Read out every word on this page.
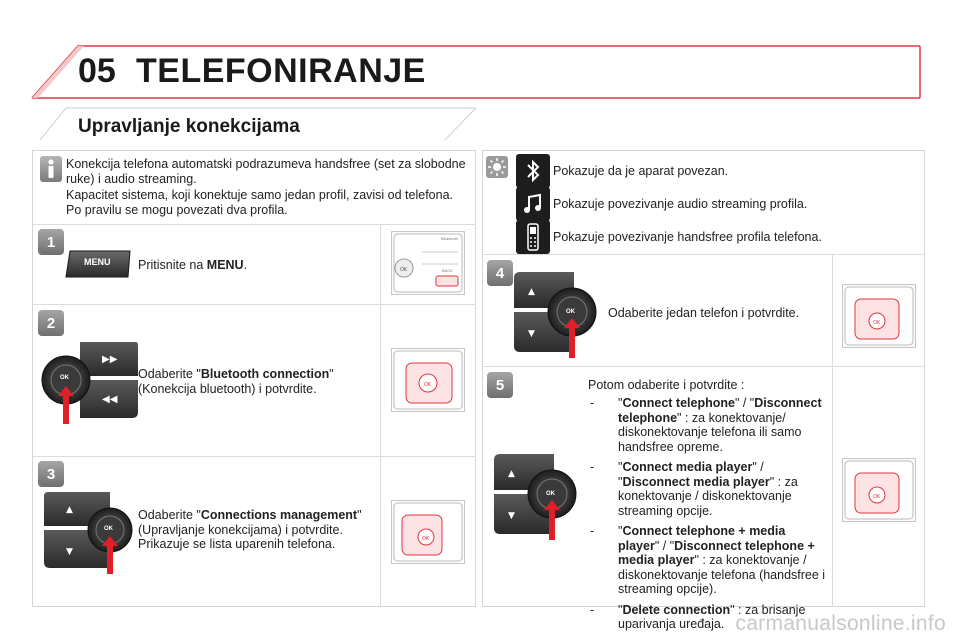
05 TELEFONIRANJE
Upravljanje konekcijama
Konekcija telefona automatski podrazumeva handsfree (set za slobodne ruke) i audio streaming.
Kapacitet sistema, koji konektuje samo jedan profil, zavisi od telefona. Po pravilu se mogu povezati dva profila.
1
MENU Pritisnite na MENU.	OK
Bluetooth
BACK
2
▶▶
◀◀
OK	Odaberite "Bluetooth connection" (Konekcija bluetooth) i potvrdite.	OK
3
▲
▼
OK
Odaberite "Connections management" (Upravljanje konekcijama) i potvrdite. Prikazuje se lista uparenih telefona.	OK
Pokazuje da je aparat povezan.
Pokazuje povezivanje audio streaming profila.
Pokazuje povezivanje handsfree profila telefona.
4
▲
▼
OK	Odaberite jedan telefon i potvrdite.
OK
5
▲
▼
OK
Potom odaberite i potvrdite :
- "Connect telephone" / "Disconnect telephone" : za konektovanje/ diskonektovanje telefona ili samo handsfree opreme.
- "Connect media player" / "Disconnect media player" : za konektovanje / diskonektovanje streaming opcije.
- "Connect telephone + media player" / "Disconnect telephone + media player" : za konektovanje / diskonektovanje telefona (handsfree i streaming opcije).
- "Delete connection" : za brisanje uparivanja uređaja.
OK
carmanualsonline.info
